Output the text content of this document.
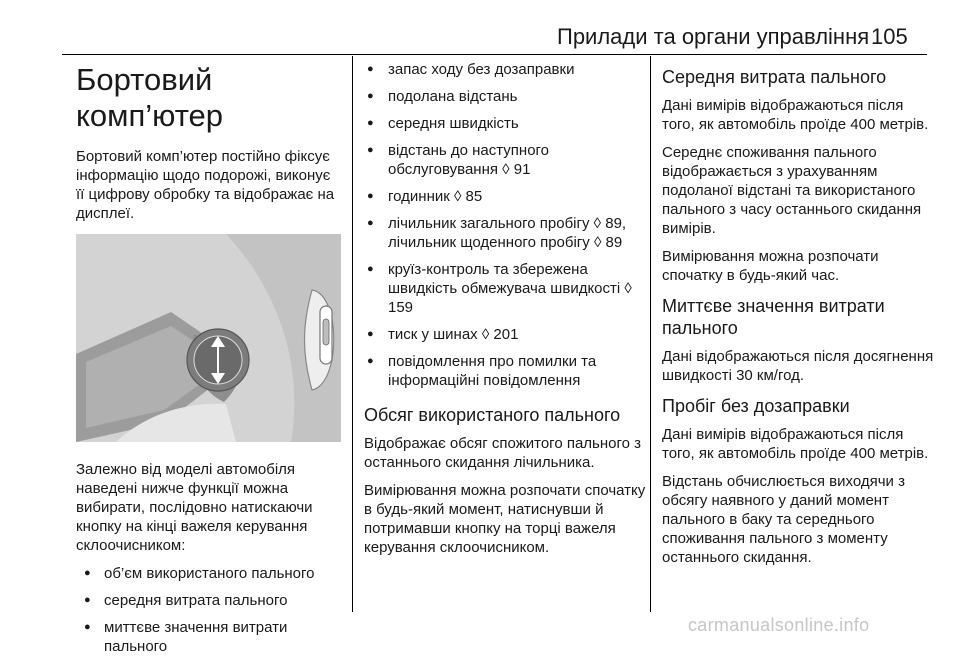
Прилади та органи управління 105
Бортовий комп’ютер

Бортовий комп’ютер постійно фіксує інформацію щодо подорожі, виконує її цифрову обробку та відображає на дисплеї.

Залежно від моделі автомобіля наведені нижче функції можна вибирати, послідовно натискаючи кнопку на кінці важеля керування склоочисником:

● об’єм використаного пального
● середня витрата пального
● миттєве значення витрати пального
● запас ходу без дозаправки
● подолана відстань
● середня швидкість
● відстань до наступного обслуговування ◊ 91
● годинник ◊ 85
● лічильник загального пробігу ◊ 89, лічильник щоденного пробігу ◊ 89
● круїз-контроль та збережена швидкість обмежувача швидкості ◊ 159
● тиск у шинах ◊ 201
● повідомлення про помилки та інформаційні повідомлення
Обсяг використаного пального

Відображає обсяг спожитого пального з останнього скидання лічильника.

Вимірювання можна розпочати спочатку в будь-який момент, натиснувши й потримавши кнопку на торці важеля керування склоочисником.

Середня витрата пального

Дані вимірів відображаються після того, як автомобіль проїде 400 метрів.

Середнє споживання пального відображається з урахуванням подоланої відстані та використаного пального з часу останнього скидання вимірів.

Вимірювання можна розпочати спочатку в будь-який час.

Миттєве значення витрати пального

Дані відображаються після досягнення швидкості 30 км/год.

Пробіг без дозаправки

Дані вимірів відображаються після того, як автомобіль проїде 400 метрів.

Відстань обчислюється виходячи з обсягу наявного у даний момент пального в баку та середнього споживання пального з моменту останнього скидання.

carmanualsonline.info
